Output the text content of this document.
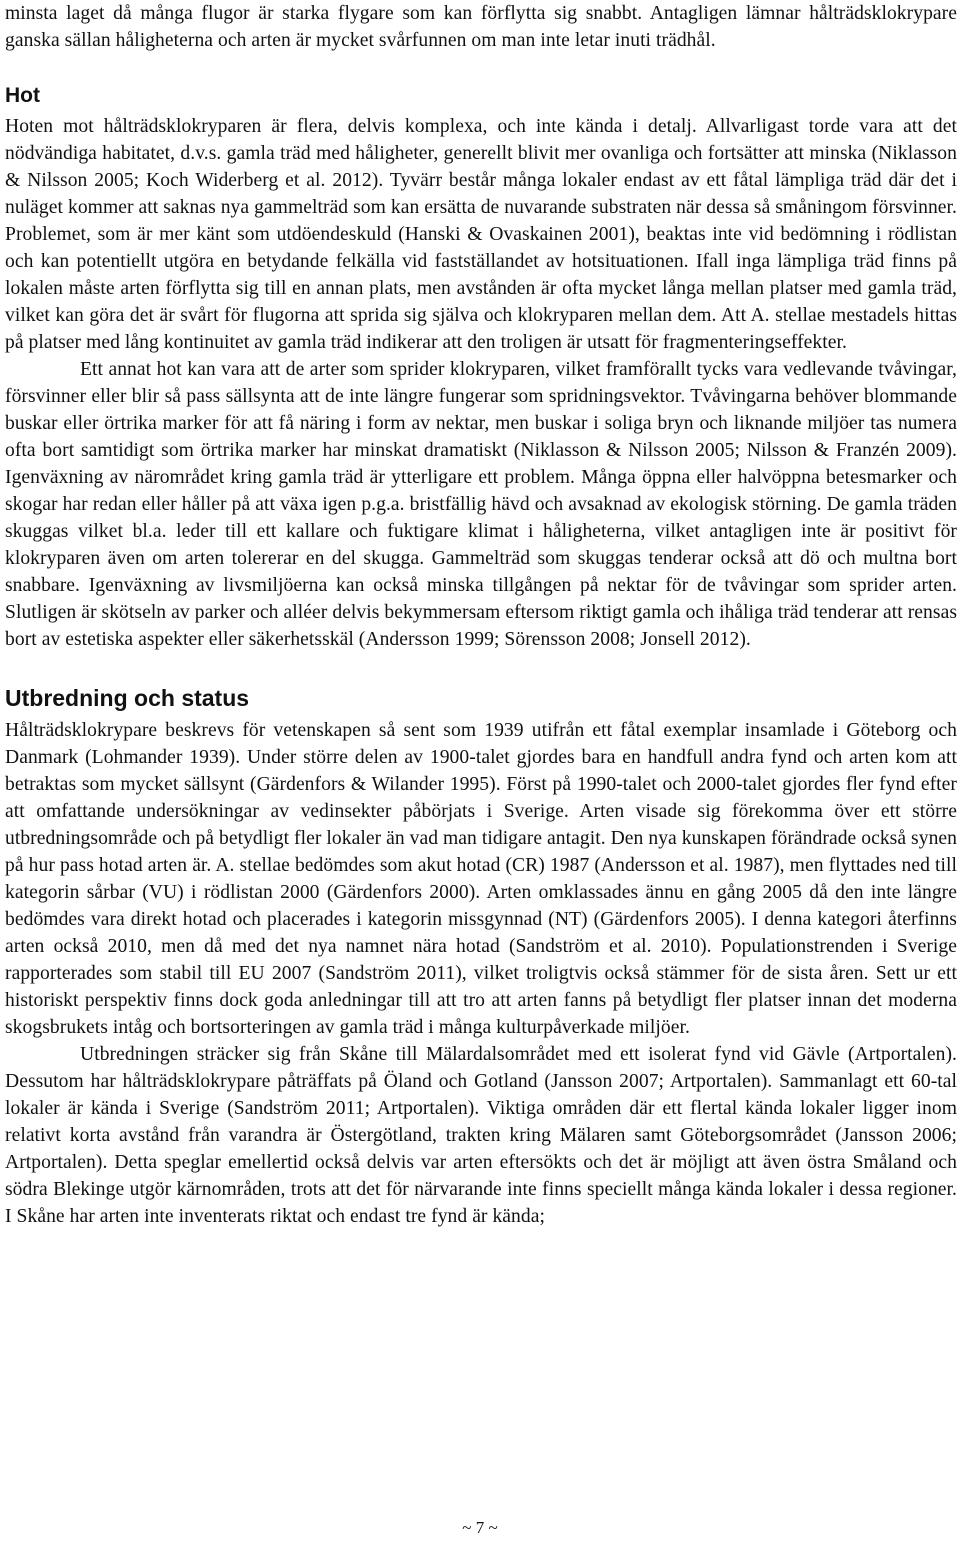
minsta laget då många flugor är starka flygare som kan förflytta sig snabbt. Antagligen lämnar hålträdsklokrypare ganska sällan håligheterna och arten är mycket svårfunnen om man inte letar inuti trädhål.

Hot

Hoten mot hålträdsklokryparen är flera, delvis komplexa, och inte kända i detalj. Allvarligast torde vara att det nödvändiga habitatet, d.v.s. gamla träd med håligheter, generellt blivit mer ovanliga och fortsätter att minska (Niklasson & Nilsson 2005; Koch Widerberg et al. 2012). Tyvärr består många lokaler endast av ett fåtal lämpliga träd där det i nuläget kommer att saknas nya gammelträd som kan ersätta de nuvarande substraten när dessa så småningom försvinner. Problemet, som är mer känt som utdöendeskuld (Hanski & Ovaskainen 2001), beaktas inte vid bedömning i rödlistan och kan potentiellt utgöra en betydande felkälla vid fastställandet av hotsituationen. Ifall inga lämpliga träd finns på lokalen måste arten förflytta sig till en annan plats, men avstånden är ofta mycket långa mellan platser med gamla träd, vilket kan göra det är svårt för flugorna att sprida sig själva och klokryparen mellan dem. Att A. stellae mestadels hittas på platser med lång kontinuitet av gamla träd indikerar att den troligen är utsatt för fragmenteringseffekter.

Ett annat hot kan vara att de arter som sprider klokryparen, vilket framförallt tycks vara vedlevande tvåvingar, försvinner eller blir så pass sällsynta att de inte längre fungerar som spridningsvektor. Tvåvingarna behöver blommande buskar eller örtrika marker för att få näring i form av nektar, men buskar i soliga bryn och liknande miljöer tas numera ofta bort samtidigt som örtrika marker har minskat dramatiskt (Niklasson & Nilsson 2005; Nilsson & Franzén 2009). Igenväxning av närområdet kring gamla träd är ytterligare ett problem. Många öppna eller halvöppna betesmarker och skogar har redan eller håller på att växa igen p.g.a. bristfällig hävd och avsaknad av ekologisk störning. De gamla träden skuggas vilket bl.a. leder till ett kallare och fuktigare klimat i håligheterna, vilket antagligen inte är positivt för klokryparen även om arten tolererar en del skugga. Gammelträd som skuggas tenderar också att dö och multna bort snabbare. Igenväxning av livsmiljöerna kan också minska tillgången på nektar för de tvåvingar som sprider arten. Slutligen är skötseln av parker och alléer delvis bekymmersam eftersom riktigt gamla och ihåliga träd tenderar att rensas bort av estetiska aspekter eller säkerhetsskäl (Andersson 1999; Sörensson 2008; Jonsell 2012).

Utbredning och status

Hålträdsklokrypare beskrevs för vetenskapen så sent som 1939 utifrån ett fåtal exemplar insamlade i Göteborg och Danmark (Lohmander 1939). Under större delen av 1900-talet gjordes bara en handfull andra fynd och arten kom att betraktas som mycket sällsynt (Gärdenfors & Wilander 1995). Först på 1990-talet och 2000-talet gjordes fler fynd efter att omfattande undersökningar av vedinsekter påbörjats i Sverige. Arten visade sig förekomma över ett större utbredningsområde och på betydligt fler lokaler än vad man tidigare antagit. Den nya kunskapen förändrade också synen på hur pass hotad arten är. A. stellae bedömdes som akut hotad (CR) 1987 (Andersson et al. 1987), men flyttades ned till kategorin sårbar (VU) i rödlistan 2000 (Gärdenfors 2000). Arten omklassades ännu en gång 2005 då den inte längre bedömdes vara direkt hotad och placerades i kategorin missgynnad (NT) (Gärdenfors 2005). I denna kategori återfinns arten också 2010, men då med det nya namnet nära hotad (Sandström et al. 2010). Populationstrenden i Sverige rapporterades som stabil till EU 2007 (Sandström 2011), vilket troligtvis också stämmer för de sista åren. Sett ur ett historiskt perspektiv finns dock goda anledningar till att tro att arten fanns på betydligt fler platser innan det moderna skogsbrukets intåg och bortsorteringen av gamla träd i många kulturpåverkade miljöer.

Utbredningen sträcker sig från Skåne till Mälardalsområdet med ett isolerat fynd vid Gävle (Artportalen). Dessutom har hålträdsklokrypare påträffats på Öland och Gotland (Jansson 2007; Artportalen). Sammanlagt ett 60-tal lokaler är kända i Sverige (Sandström 2011; Artportalen). Viktiga områden där ett flertal kända lokaler ligger inom relativt korta avstånd från varandra är Östergötland, trakten kring Mälaren samt Göteborgsområdet (Jansson 2006; Artportalen). Detta speglar emellertid också delvis var arten eftersökts och det är möjligt att även östra Småland och södra Blekinge utgör kärnområden, trots att det för närvarande inte finns speciellt många kända lokaler i dessa regioner. I Skåne har arten inte inventerats riktat och endast tre fynd är kända;

~ 7 ~
